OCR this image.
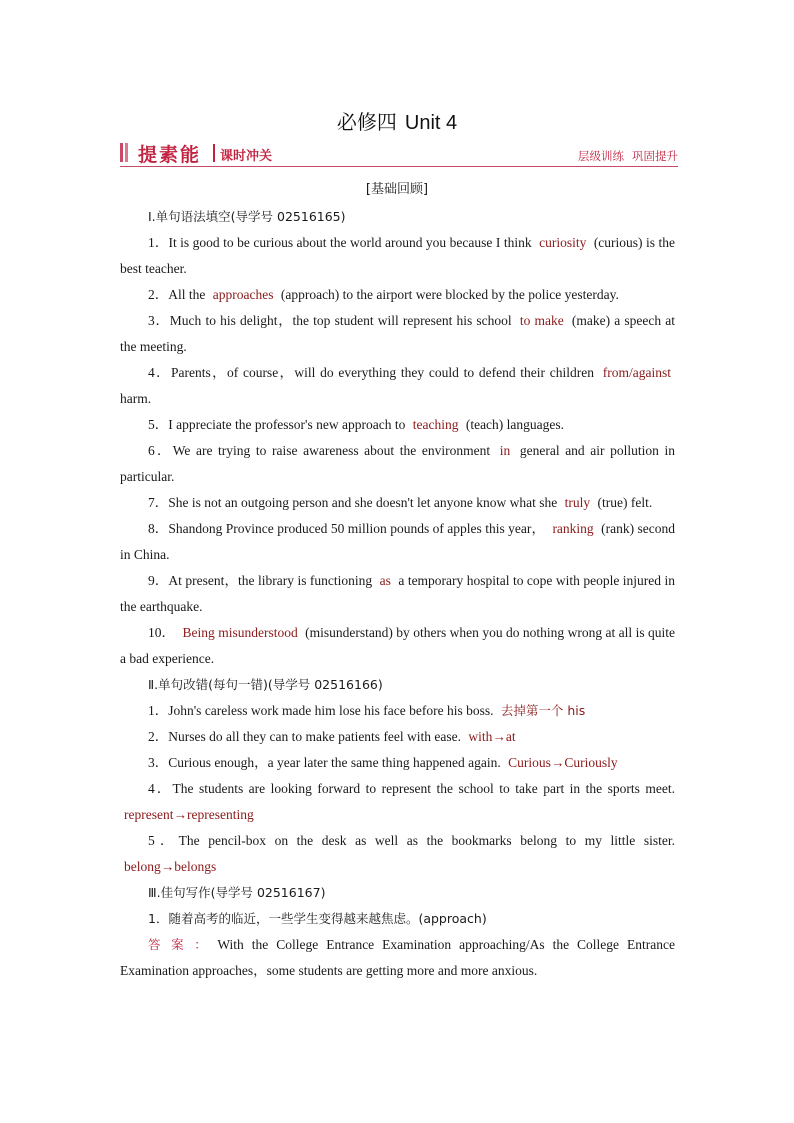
必修四 Unit 4
提素能 课时冲关	层级训练 巩固提升
[基础回顾]

Ⅰ.单句语法填空(导学号 02516165)

1．It is good to be curious about the world around you because I think curiosity (curious) is the best teacher.

2．All the approaches (approach) to the airport were blocked by the police yesterday.

3．Much to his delight，the top student will represent his school to make (make) a speech at the meeting.

4．Parents，of course，will do everything they could to defend their children from/against harm.

5．I appreciate the professor's new approach to teaching (teach) languages.

6．We are trying to raise awareness about the environment in general and air pollution in particular.

7．She is not an outgoing person and she doesn't let anyone know what she truly (true) felt.

8．Shandong Province produced 50 million pounds of apples this year， ranking (rank) second in China.

9．At present，the library is functioning as a temporary hospital to cope with people injured in the earthquake.

10． Being misunderstood (misunderstand) by others when you do nothing wrong at all is quite a bad experience.

Ⅱ.单句改错(每句一错)(导学号 02516166)

1．John's careless work made him lose his face before his boss. 去掉第一个 his

2．Nurses do all they can to make patients feel with ease. with→at

3．Curious enough，a year later the same thing happened again. Curious→Curiously

4．The students are looking forward to represent the school to take part in the sports meet. represent→representing

5．The pencil-box on the desk as well as the bookmarks belong to my little sister. belong→belongs

Ⅲ.佳句写作(导学号 02516167)

1．随着高考的临近，一些学生变得越来越焦虑。(approach)

答案：With the College Entrance Examination approaching/As the College Entrance Examination approaches，some students are getting more and more anxious.
